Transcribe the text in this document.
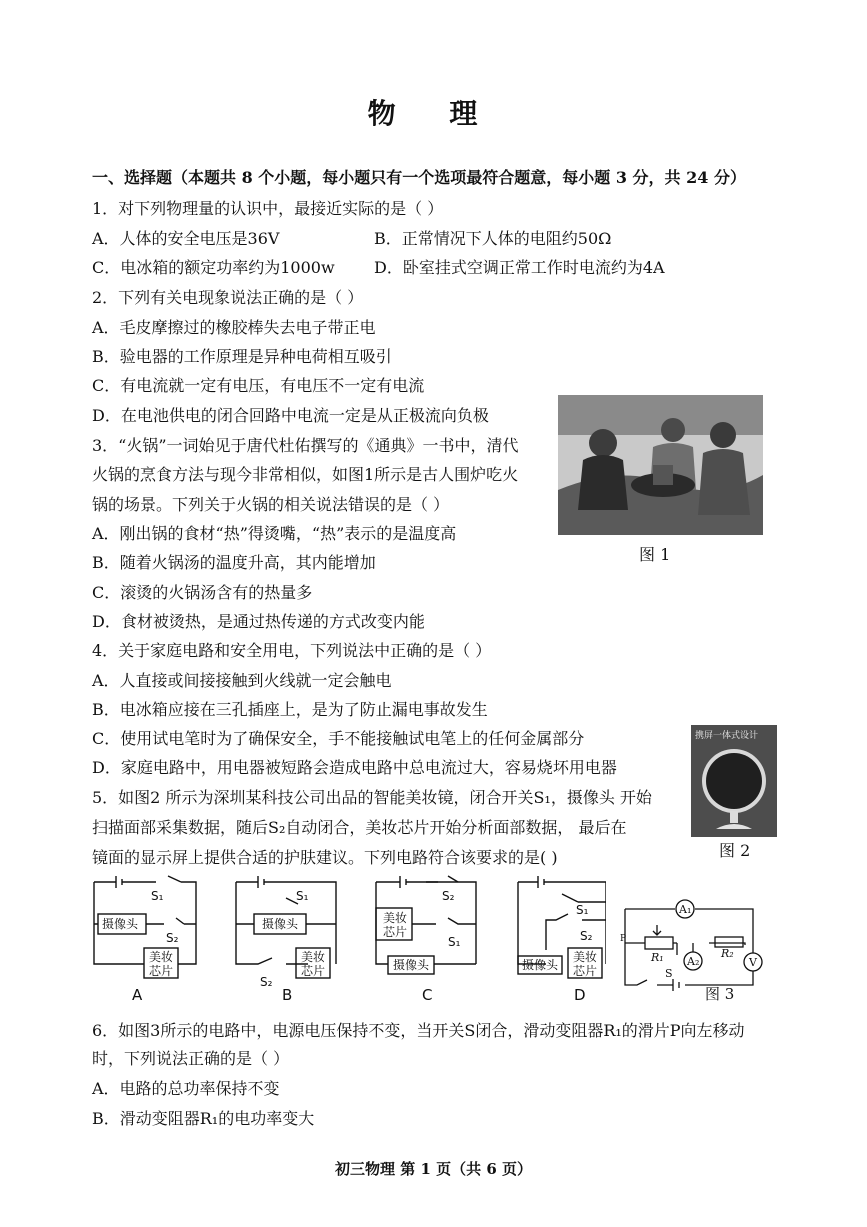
物 理
一、选择题（本题共 8 个小题，每小题只有一个选项最符合题意，每小题 3 分，共 24 分）
1．对下列物理量的认识中，最接近实际的是（ ）
A．人体的安全电压是36V	B．正常情况下人体的电阻约50Ω
C．电冰箱的额定功率约为1000w D．卧室挂式空调正常工作时电流约为4A
2．下列有关电现象说法正确的是（ ）
A．毛皮摩擦过的橡胶棒失去电子带正电
B．验电器的工作原理是异种电荷相互吸引
C．有电流就一定有电压，有电压不一定有电流
D．在电池供电的闭合回路中电流一定是从正极流向负极
3．“火锅”一词始见于唐代杜佑撰写的《通典》一书中，清代
火锅的烹食方法与现今非常相似，如图1所示是古人围炉吃火
锅的场景。下列关于火锅的相关说法错误的是（ ）
A．刚出锅的食材“热”得烫嘴，“热”表示的是温度高
B．随着火锅汤的温度升高，其内能增加
C．滚烫的火锅汤含有的热量多
D．食材被烫热，是通过热传递的方式改变内能
图 1
4．关于家庭电路和安全用电，下列说法中正确的是（ ）
A．人直接或间接接触到火线就一定会触电
B．电冰箱应接在三孔插座上，是为了防止漏电事故发生
C．使用试电笔时为了确保安全，手不能接触试电笔上的任何金属部分
D．家庭电路中，用电器被短路会造成电路中总电流过大，容易烧坏用电器
携屏一体式设计
图 2
5．如图2 所示为深圳某科技公司出品的智能美妆镜，闭合开关S₁，摄像头 开始
扫描面部采集数据，随后S₂自动闭合，美妆芯片开始分析面部数据， 最后在
镜面的显示屏上提供合适的护肤建议。下列电路符合该要求的是( )
S₁
S₂
摄像头
美妆
芯片
A
S₁
S₂
摄像头
美妆
芯片
B
S₂
S₁
美妆
芯片
摄像头
C
S₁
S₂
摄像头
美妆
芯片
D
A₁
A₂
R₁	R₂
V
S
P
图 3
6．如图3所示的电路中，电源电压保持不变，当开关S闭合，滑动变阻器R₁的滑片P向左移动
时，下列说法正确的是（ ）
A．电路的总功率保持不变
B．滑动变阻器R₁的电功率变大
初三物理 第 1 页（共 6 页）
